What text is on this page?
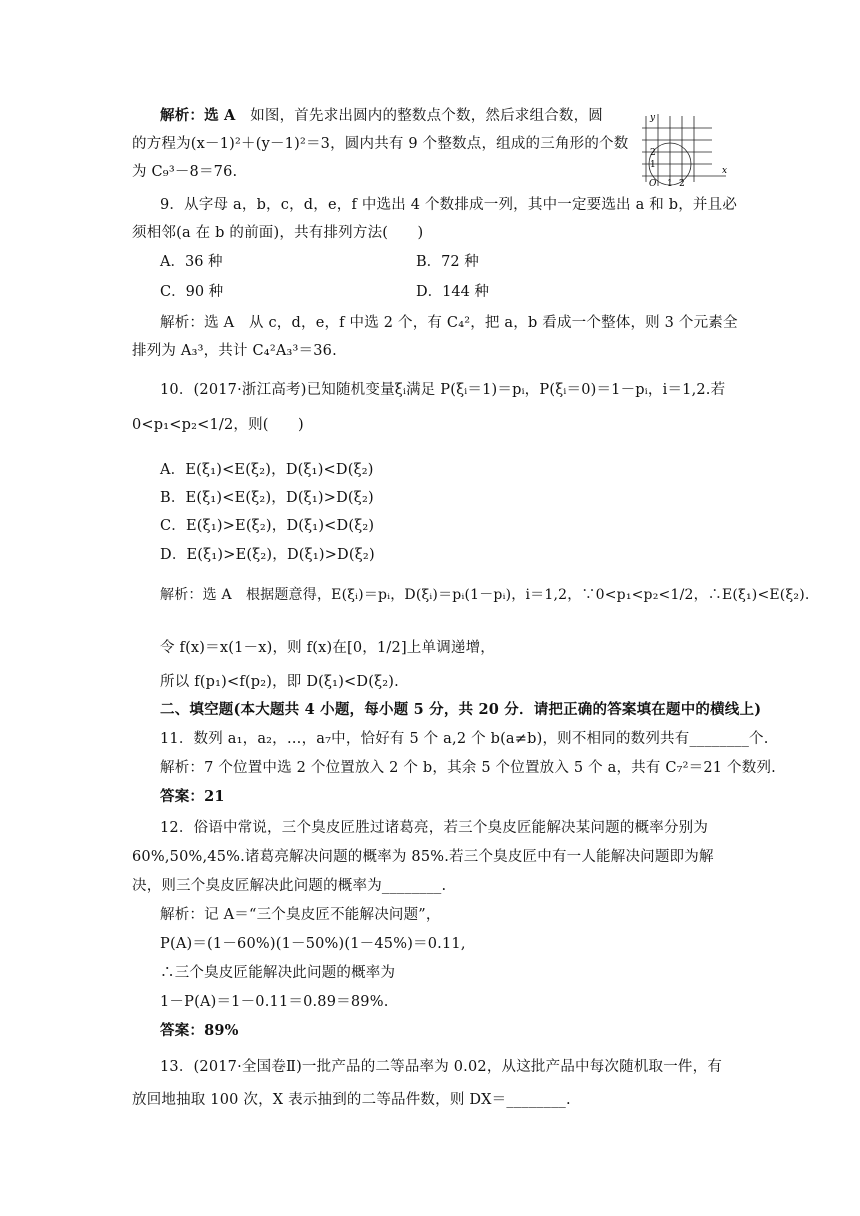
解析：选 A　如图，首先求出圆内的整数点个数，然后求组合数，圆
的方程为(x－1)²＋(y－1)²＝3，圆内共有 9 个整数点，组成的三角形的个数
为 C₉³－8＝76.
y
x
O 1 2
1
2
9．从字母 a，b，c，d，e，f 中选出 4 个数排成一列，其中一定要选出 a 和 b，并且必
须相邻(a 在 b 的前面)，共有排列方法(　　)
A．36 种	B．72 种
C．90 种	D．144 种
解析：选 A　从 c，d，e，f 中选 2 个，有 C₄²，把 a，b 看成一个整体，则 3 个元素全
排列为 A₃³，共计 C₄²A₃³＝36.
10．(2017·浙江高考)已知随机变量ξᵢ满足 P(ξᵢ＝1)＝pᵢ，P(ξᵢ＝0)＝1－pᵢ，i＝1,2.若
0<p₁<p₂<1/2，则(　　)
A．E(ξ₁)<E(ξ₂)，D(ξ₁)<D(ξ₂)
B．E(ξ₁)<E(ξ₂)，D(ξ₁)>D(ξ₂)
C．E(ξ₁)>E(ξ₂)，D(ξ₁)<D(ξ₂)
D．E(ξ₁)>E(ξ₂)，D(ξ₁)>D(ξ₂)
解析：选 A　根据题意得，E(ξᵢ)＝pᵢ，D(ξᵢ)＝pᵢ(1－pᵢ)，i＝1,2，∵0<p₁<p₂<1/2，∴E(ξ₁)<E(ξ₂).
令 f(x)＝x(1－x)，则 f(x)在[0，1/2]上单调递增，
所以 f(p₁)<f(p₂)，即 D(ξ₁)<D(ξ₂).
二、填空题(本大题共 4 小题，每小题 5 分，共 20 分．请把正确的答案填在题中的横线上)
11．数列 a₁，a₂，…，a₇中，恰好有 5 个 a,2 个 b(a≠b)，则不相同的数列共有________个.
解析：7 个位置中选 2 个位置放入 2 个 b，其余 5 个位置放入 5 个 a，共有 C₇²＝21 个数列.
答案：21
12．俗语中常说，三个臭皮匠胜过诸葛亮，若三个臭皮匠能解决某问题的概率分别为
60%,50%,45%.诸葛亮解决问题的概率为 85%.若三个臭皮匠中有一人能解决问题即为解
决，则三个臭皮匠解决此问题的概率为________.
解析：记 A＝“三个臭皮匠不能解决问题”，
P(A)＝(1－60%)(1－50%)(1－45%)＝0.11,
∴三个臭皮匠能解决此问题的概率为
1－P(A)＝1－0.11＝0.89＝89%.
答案：89%
13．(2017·全国卷Ⅱ)一批产品的二等品率为 0.02，从这批产品中每次随机取一件，有
放回地抽取 100 次，X 表示抽到的二等品件数，则 DX＝________.
